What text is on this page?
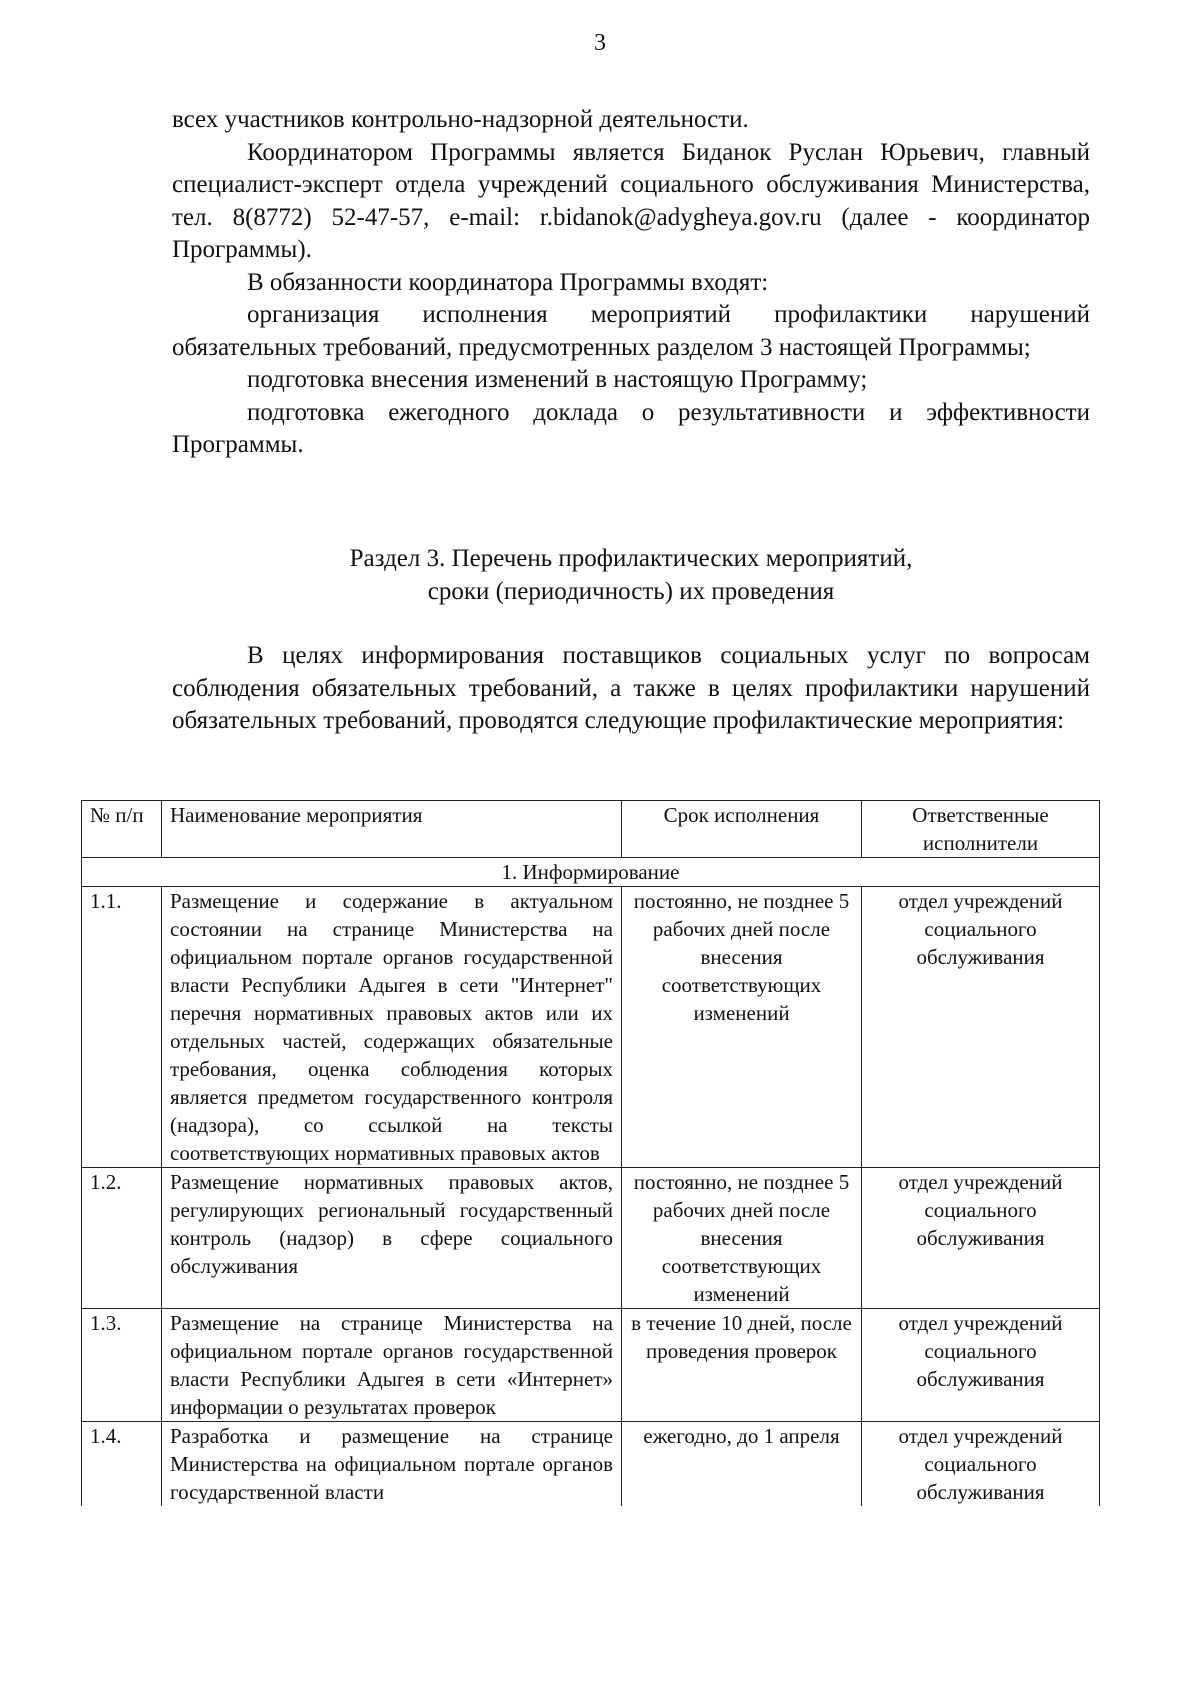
3

всех участников контрольно-надзорной деятельности.

Координатором Программы является Биданок Руслан Юрьевич, главный специалист-эксперт отдела учреждений социального обслуживания Министерства, тел. 8(8772) 52-47-57, e-mail: r.bidanok@adygheya.gov.ru (далее - координатор Программы).

В обязанности координатора Программы входят:

организация исполнения мероприятий профилактики нарушений обязательных требований, предусмотренных разделом 3 настоящей Программы;

подготовка внесения изменений в настоящую Программу;

подготовка ежегодного доклада о результативности и эффективности Программы.

Раздел 3. Перечень профилактических мероприятий,
сроки (периодичность) их проведения

В целях информирования поставщиков социальных услуг по вопросам соблюдения обязательных требований, а также в целях профилактики нарушений обязательных требований, проводятся следующие профилактические мероприятия:

№ п/п	Наименование мероприятия	Срок исполнения	Ответственные исполнители
1. Информирование			
1.1.	Размещение и содержание в актуальном состоянии на странице Министерства на официальном портале органов государственной власти Республики Адыгея в сети "Интернет" перечня нормативных правовых актов или их отдельных частей, содержащих обязательные требования, оценка соблюдения которых является предметом государственного контроля (надзора), со ссылкой на тексты соответствующих нормативных правовых актов	постоянно, не позднее 5 рабочих дней после внесения соответствующих изменений	отдел учреждений социального обслуживания
1.2.	Размещение нормативных правовых актов, регулирующих региональный государственный контроль (надзор) в сфере социального обслуживания	постоянно, не позднее 5 рабочих дней после внесения соответствующих изменений	отдел учреждений социального обслуживания
1.3.	Размещение на странице Министерства на официальном портале органов государственной власти Республики Адыгея в сети «Интернет» информации о результатах проверок	в течение 10 дней, после проведения проверок	отдел учреждений социального обслуживания
1.4.	Разработка и размещение на странице Министерства на официальном портале органов государственной власти	ежегодно, до 1 апреля	отдел учреждений социального обслуживания
